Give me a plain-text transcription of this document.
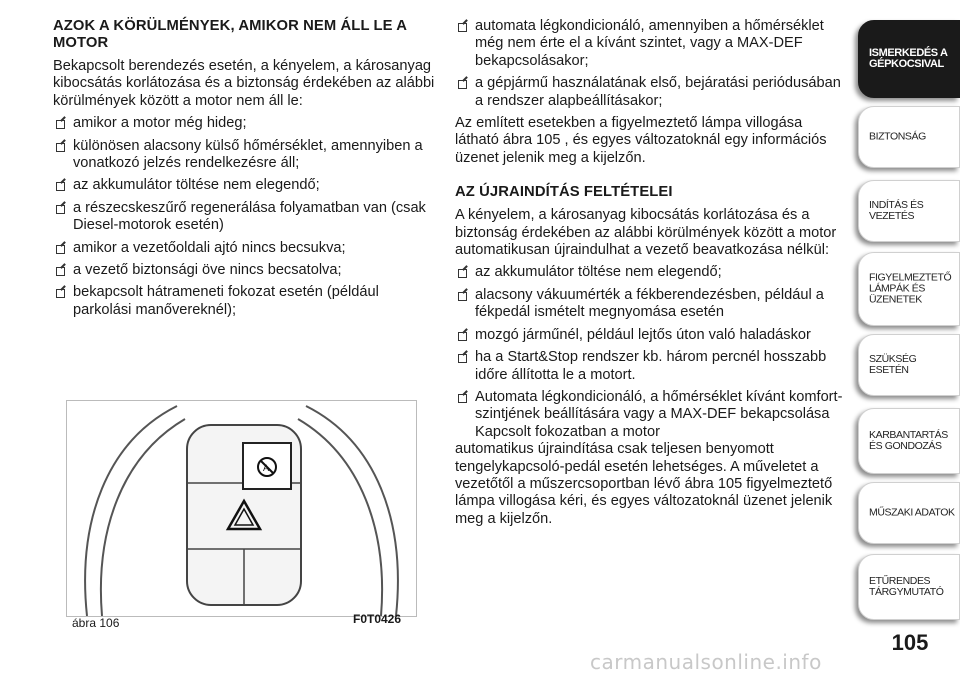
AZOK A KÖRÜLMÉNYEK, AMIKOR NEM ÁLL LE A MOTOR

Bekapcsolt berendezés esetén, a kényelem, a károsanyag kibocsátás korlátozása és a biztonság érdekében az alábbi körülmények között a motor nem áll le:

amikor a motor még hideg;
különösen alacsony külső hőmérséklet, amennyiben a vonatkozó jelzés rendelkezésre áll;
az akkumulátor töltése nem elegendő;
a részecskeszűrő regenerálása folyamatban van (csak Diesel-motorok esetén)
amikor a vezetőoldali ajtó nincs becsukva;
a vezető biztonsági öve nincs becsatolva;
bekapcsolt hátrameneti fokozat esetén (például parkolási manővereknél);
A
ábra 106	F0T0426
automata légkondicionáló, amennyiben a hőmérséklet még nem érte el a kívánt szintet, vagy a MAX-DEF bekapcsolásakor;
a gépjármű használatának első, bejáratási periódusában a rendszer alapbeállításakor;

Az említett esetekben a figyelmeztető lámpa villogása látható ábra 105 , és egyes változatoknál egy információs üzenet jelenik meg a kijelzőn.

AZ ÚJRAINDÍTÁS FELTÉTELEI

A kényelem, a károsanyag kibocsátás korlátozása és a biztonság érdekében az alábbi körülmények között a motor automatikusan újraindulhat a vezető beavatkozása nélkül:

az akkumulátor töltése nem elegendő;
alacsony vákuumérték a fékberendezésben, például a fékpedál ismételt megnyomása esetén
mozgó járműnél, például lejtős úton való haladáskor
ha a Start&Stop rendszer kb. három percnél hosszabb időre állította le a motort.
Automata légkondicionáló, a hőmérséklet kívánt komfort-szintjének beállítására vagy a MAX-DEF bekapcsolása Kapcsolt fokozatban a motor

automatikus újraindítása csak teljesen benyomott tengelykapcsoló-pedál esetén lehetséges. A műveletet a vezetőtől a műszercsoportban lévő ábra 105 figyelmeztető lámpa villogása kéri, és egyes változatoknál üzenet jelenik meg a kijelzőn.

ISMERKEDÉS A GÉPKOCSIVAL
BIZTONSÁG
INDÍTÁS ÉS VEZETÉS
FIGYELMEZTETŐ LÁMPÁK ÉS ÜZENETEK
SZÜKSÉG ESETÉN
KARBANTARTÁS ÉS GONDOZÁS
MŰSZAKI ADATOK
ETŰRENDES TÁRGYMUTATÓ
105
carmanualsonline.info
